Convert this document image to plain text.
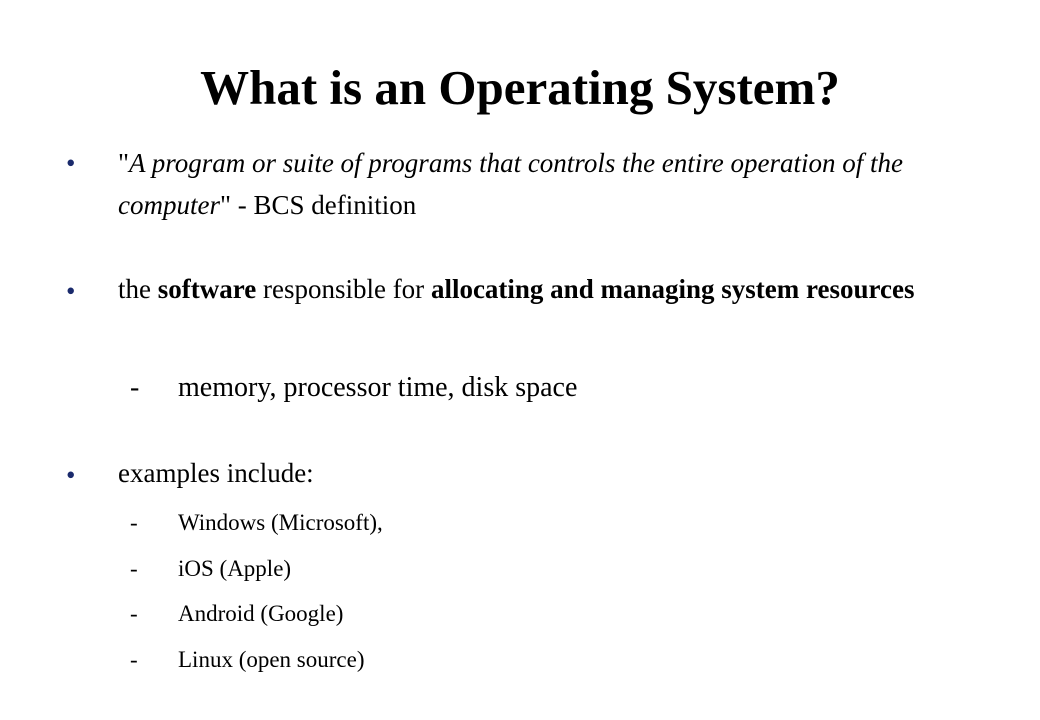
What is an Operating System?
• "A program or suite of programs that controls the entire operation of the computer" - BCS definition
• the software responsible for allocating and managing system resources
- memory, processor time, disk space
• examples include:
- Windows (Microsoft),
- iOS (Apple)
- Android (Google)
- Linux (open source)
